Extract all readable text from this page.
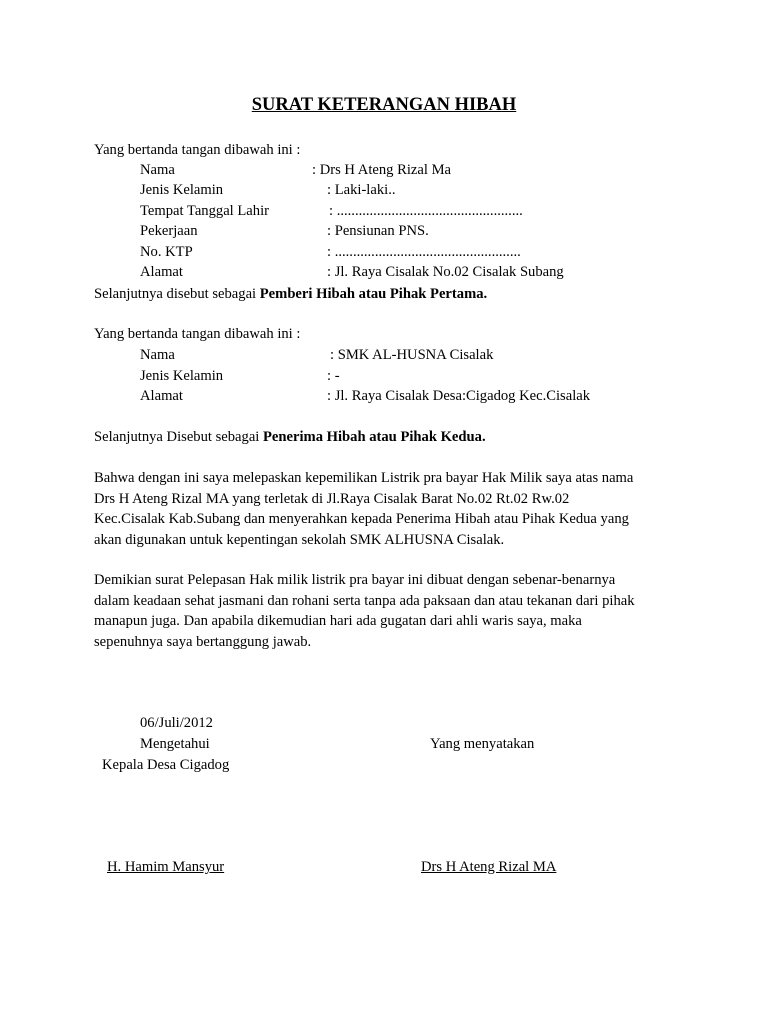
SURAT KETERANGAN HIBAH
Yang bertanda tangan dibawah ini :
Nama	: Drs H Ateng Rizal Ma
Jenis Kelamin	: Laki-laki..
Tempat Tanggal Lahir	: ...................................................
Pekerjaan	: Pensiunan PNS.
No. KTP	: ...................................................
Alamat	: Jl. Raya Cisalak No.02 Cisalak Subang
Selanjutnya disebut sebagai Pemberi Hibah atau Pihak Pertama.
Yang bertanda tangan dibawah ini :
Nama	: SMK AL-HUSNA Cisalak
Jenis Kelamin	: -
Alamat	: Jl. Raya Cisalak Desa:Cigadog Kec.Cisalak
Selanjutnya Disebut sebagai Penerima Hibah atau Pihak Kedua.
Bahwa dengan ini saya melepaskan kepemilikan Listrik pra bayar Hak Milik saya atas nama
Drs H Ateng Rizal MA yang terletak di Jl.Raya Cisalak Barat No.02 Rt.02 Rw.02
Kec.Cisalak Kab.Subang dan menyerahkan kepada Penerima Hibah atau Pihak Kedua yang
akan digunakan untuk kepentingan sekolah SMK ALHUSNA Cisalak.
Demikian surat Pelepasan Hak milik listrik pra bayar ini dibuat dengan sebenar-benarnya
dalam keadaan sehat jasmani dan rohani serta tanpa ada paksaan dan atau tekanan dari pihak
manapun juga. Dan apabila dikemudian hari ada gugatan dari ahli waris saya, maka
sepenuhnya saya bertanggung jawab.
06/Juli/2012
Mengetahui
Kepala Desa Cigadog
Yang menyatakan
H. Hamim Mansyur	Drs H Ateng Rizal MA
